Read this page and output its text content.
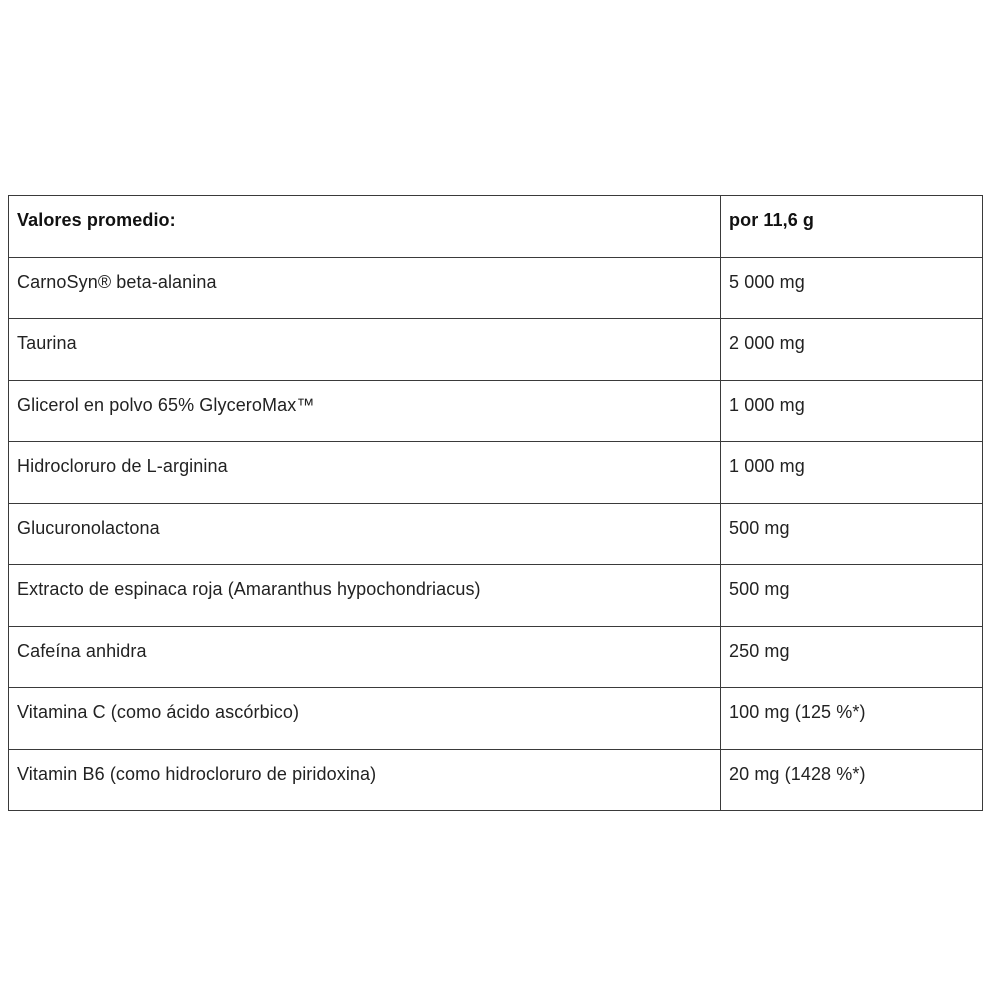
Valores promedio:	por 11,6 g
CarnoSyn® beta-alanina	5 000 mg
Taurina	2 000 mg
Glicerol en polvo 65% GlyceroMax™	1 000 mg
Hidrocloruro de L-arginina	1 000 mg
Glucuronolactona	500 mg
Extracto de espinaca roja (Amaranthus hypochondriacus)	500 mg
Cafeína anhidra	250 mg
Vitamina C (como ácido ascórbico)	100 mg (125 %*)
Vitamin B6 (como hidrocloruro de piridoxina)	20 mg (1428 %*)
